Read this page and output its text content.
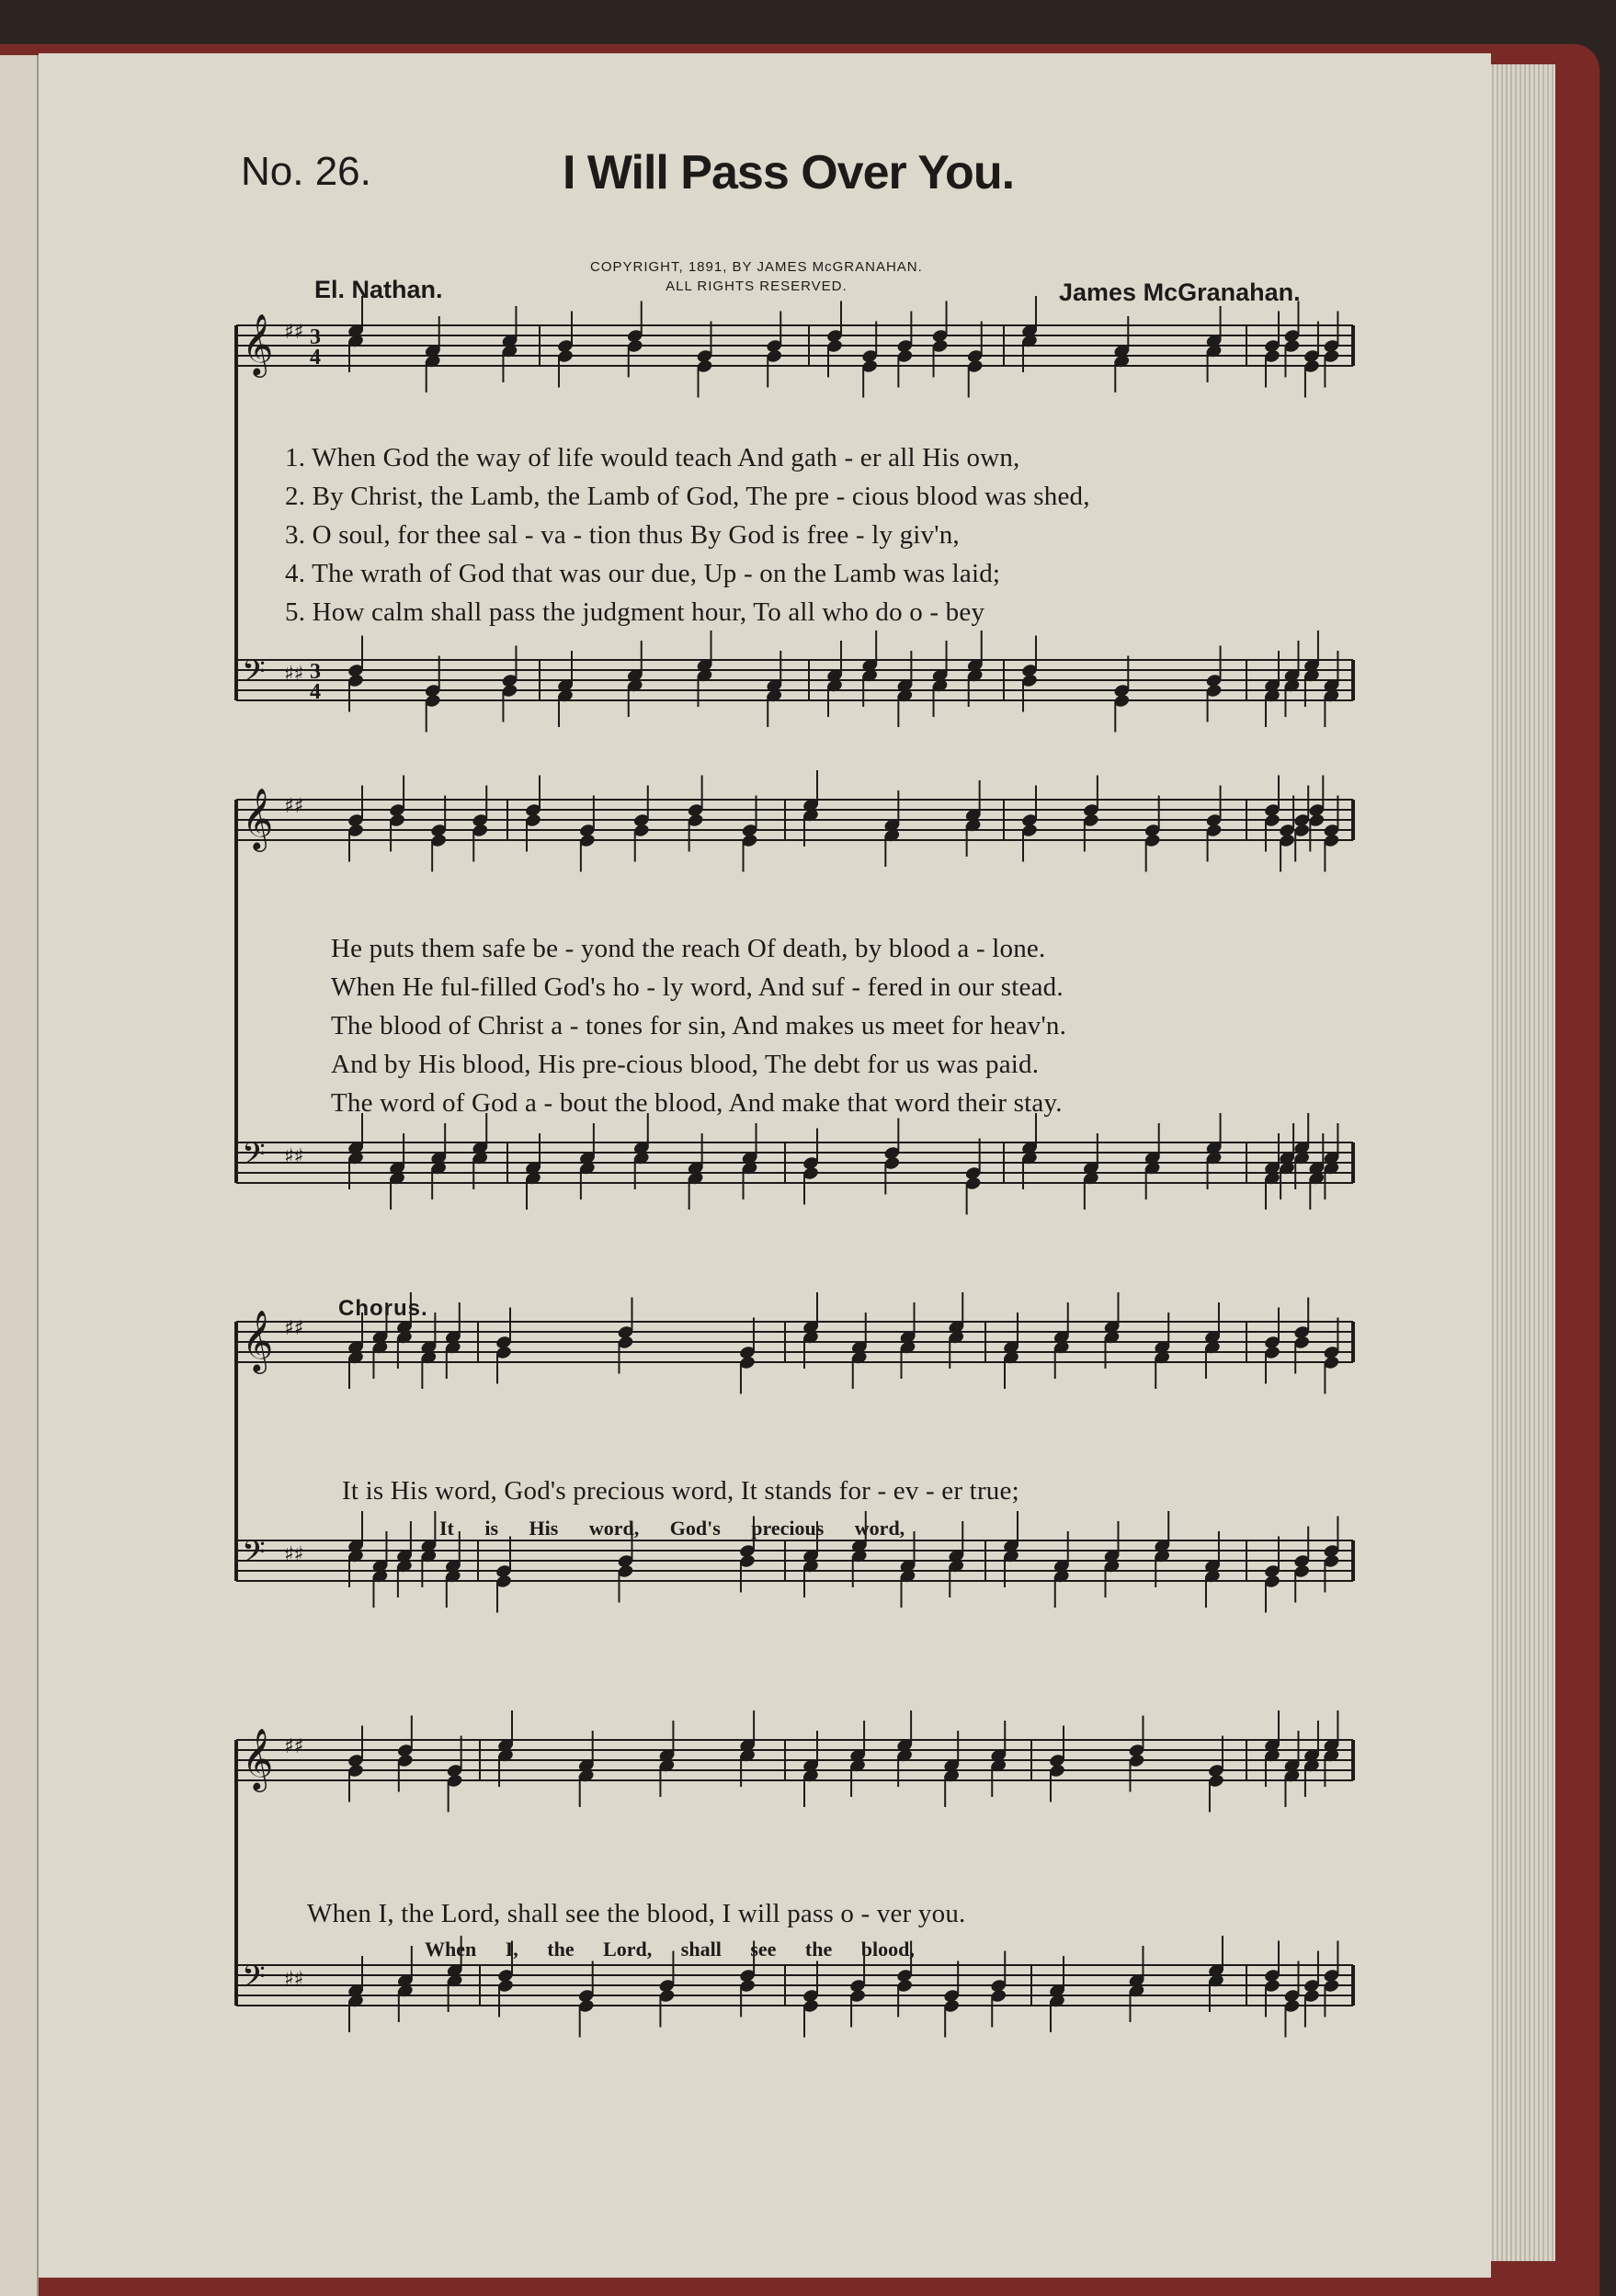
No. 26.	I Will Pass Over You.
El. Nathan.
COPYRIGHT, 1891, BY JAMES McGRANAHAN.
ALL RIGHTS RESERVED.	James McGranahan.
𝄞 ♯♯ 3
4
𝄢 ♯♯ 3
4
𝄞 ♯♯
𝄢 ♯♯
𝄞 ♯♯
𝄢 ♯♯
𝄞 ♯♯
𝄢 ♯♯
1. When God the way of life would teach And gath - er all His own,
2. By Christ, the Lamb, the Lamb of God, The pre - cious blood was shed,
3. O soul, for thee sal - va - tion thus By God is free - ly giv'n,
4. The wrath of God that was our due, Up - on the Lamb was laid;
5. How calm shall pass the judgment hour, To all who do o - bey
He puts them safe be - yond the reach Of death, by blood a - lone.
When He ful-filled God's ho - ly word, And suf - fered in our stead.
The blood of Christ a - tones for sin, And makes us meet for heav'n.
And by His blood, His pre-cious blood, The debt for us was paid.
The word of God a - bout the blood, And make that word their stay.
Chorus.
It is His word, God's precious word, It stands for - ev - er true;
It is His word, God's precious word,
When I, the Lord, shall see the blood, I will pass o - ver you.
When I, the Lord, shall see the blood,
